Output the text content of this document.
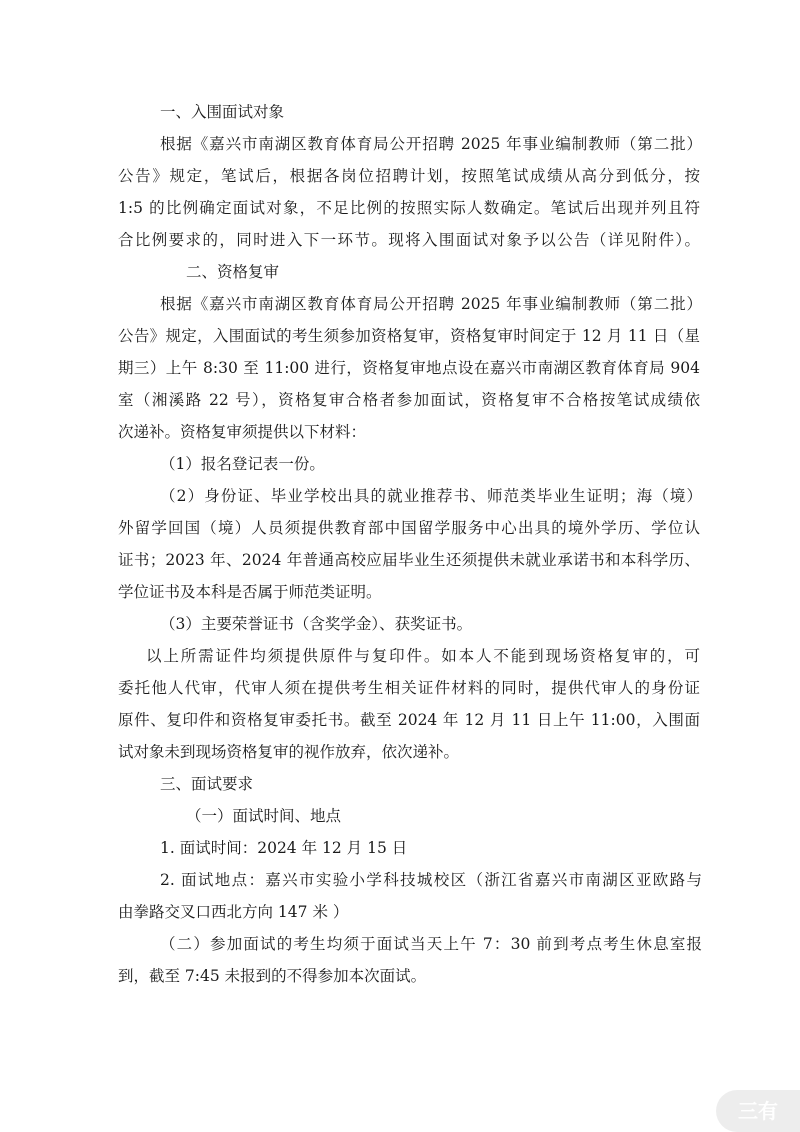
一、入围面试对象
根据《嘉兴市南湖区教育体育局公开招聘 2025 年事业编制教师（第二批）
公告》规定，笔试后，根据各岗位招聘计划，按照笔试成绩从高分到低分，按
1:5 的比例确定面试对象，不足比例的按照实际人数确定。笔试后出现并列且符
合比例要求的，同时进入下一环节。现将入围面试对象予以公告（详见附件）。
二、资格复审
根据《嘉兴市南湖区教育体育局公开招聘 2025 年事业编制教师（第二批）
公告》规定，入围面试的考生须参加资格复审，资格复审时间定于 12 月 11 日（星
期三）上午 8:30 至 11:00 进行，资格复审地点设在嘉兴市南湖区教育体育局 904
室（湘溪路 22 号），资格复审合格者参加面试，资格复审不合格按笔试成绩依
次递补。资格复审须提供以下材料：
（1）报名登记表一份。
（2）身份证、毕业学校出具的就业推荐书、师范类毕业生证明；海（境）
外留学回国（境）人员须提供教育部中国留学服务中心出具的境外学历、学位认
证书；2023 年、2024 年普通高校应届毕业生还须提供未就业承诺书和本科学历、
学位证书及本科是否属于师范类证明。
（3）主要荣誉证书（含奖学金）、获奖证书。
以上所需证件均须提供原件与复印件。如本人不能到现场资格复审的，可
委托他人代审，代审人须在提供考生相关证件材料的同时，提供代审人的身份证
原件、复印件和资格复审委托书。截至 2024 年 12 月 11 日上午 11:00，入围面
试对象未到现场资格复审的视作放弃，依次递补。
三、面试要求
（一）面试时间、地点
1. 面试时间：2024 年 12 月 15 日
2. 面试地点：嘉兴市实验小学科技城校区（浙江省嘉兴市南湖区亚欧路与
由拳路交叉口西北方向 147 米 ）
（二）参加面试的考生均须于面试当天上午 7：30 前到考点考生休息室报
到，截至 7:45 未报到的不得参加本次面试。
三有
